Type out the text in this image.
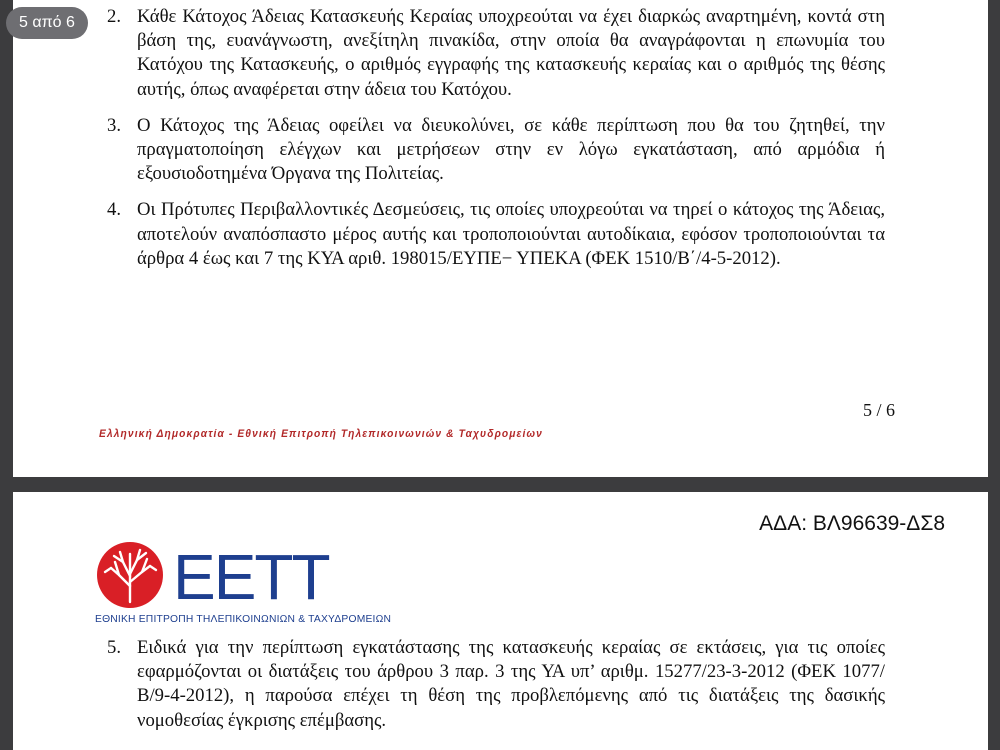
5 από 6	2. Κάθε Κάτοχος Άδειας Κατασκευής Κεραίας υποχρεούται να έχει διαρκώς αναρτημένη, κοντά στη βάση της, ευανάγνωστη, ανεξίτηλη πινακίδα, στην οποία θα αναγράφονται η επωνυμία του Κατόχου της Κατασκευής, ο αριθμός εγγραφής της κατασκευής κεραίας και ο αριθμός της θέσης αυτής, όπως αναφέρεται στην άδεια του Κατόχου.
3. Ο Κάτοχος της Άδειας οφείλει να διευκολύνει, σε κάθε περίπτωση που θα του ζητηθεί, την πραγματοποίηση ελέγχων και μετρήσεων στην εν λόγω εγκατάσταση, από αρμόδια ή εξουσιοδοτημένα Όργανα της Πολιτείας.
4. Οι Πρότυπες Περιβαλλοντικές Δεσμεύσεις, τις οποίες υποχρεούται να τηρεί ο κάτοχος της Άδειας, αποτελούν αναπόσπαστο μέρος αυτής και τροποποιούνται αυτοδίκαια, εφόσον τροποποιούνται τα άρθρα 4 έως και 7 της ΚΥΑ αριθ. 198015/ΕΥΠΕ− ΥΠΕΚΑ (ΦΕΚ 1510/Β΄/4-5-2012).
5 / 6
Ελληνική Δημοκρατία - Εθνική Επιτροπή Τηλεπικοινωνιών & Ταχυδρομείων
ΑΔΑ: ΒΛ96639-ΔΣ8
ΕΕΤΤ
ΕΘΝΙΚΗ ΕΠΙΤΡΟΠΗ ΤΗΛΕΠΙΚΟΙΝΩΝΙΩΝ & ΤΑΧΥΔΡΟΜΕΙΩΝ
5. Ειδικά για την περίπτωση εγκατάστασης της κατασκευής κεραίας σε εκτάσεις, για τις οποίες εφαρμόζονται οι διατάξεις του άρθρου 3 παρ. 3 της ΥΑ υπ’ αριθμ. 15277/23-3-2012 (ΦΕΚ 1077/Β/9-4-2012), η παρούσα επέχει τη θέση της προβλεπόμενης από τις διατάξεις της δασικής νομοθεσίας έγκρισης επέμβασης.
